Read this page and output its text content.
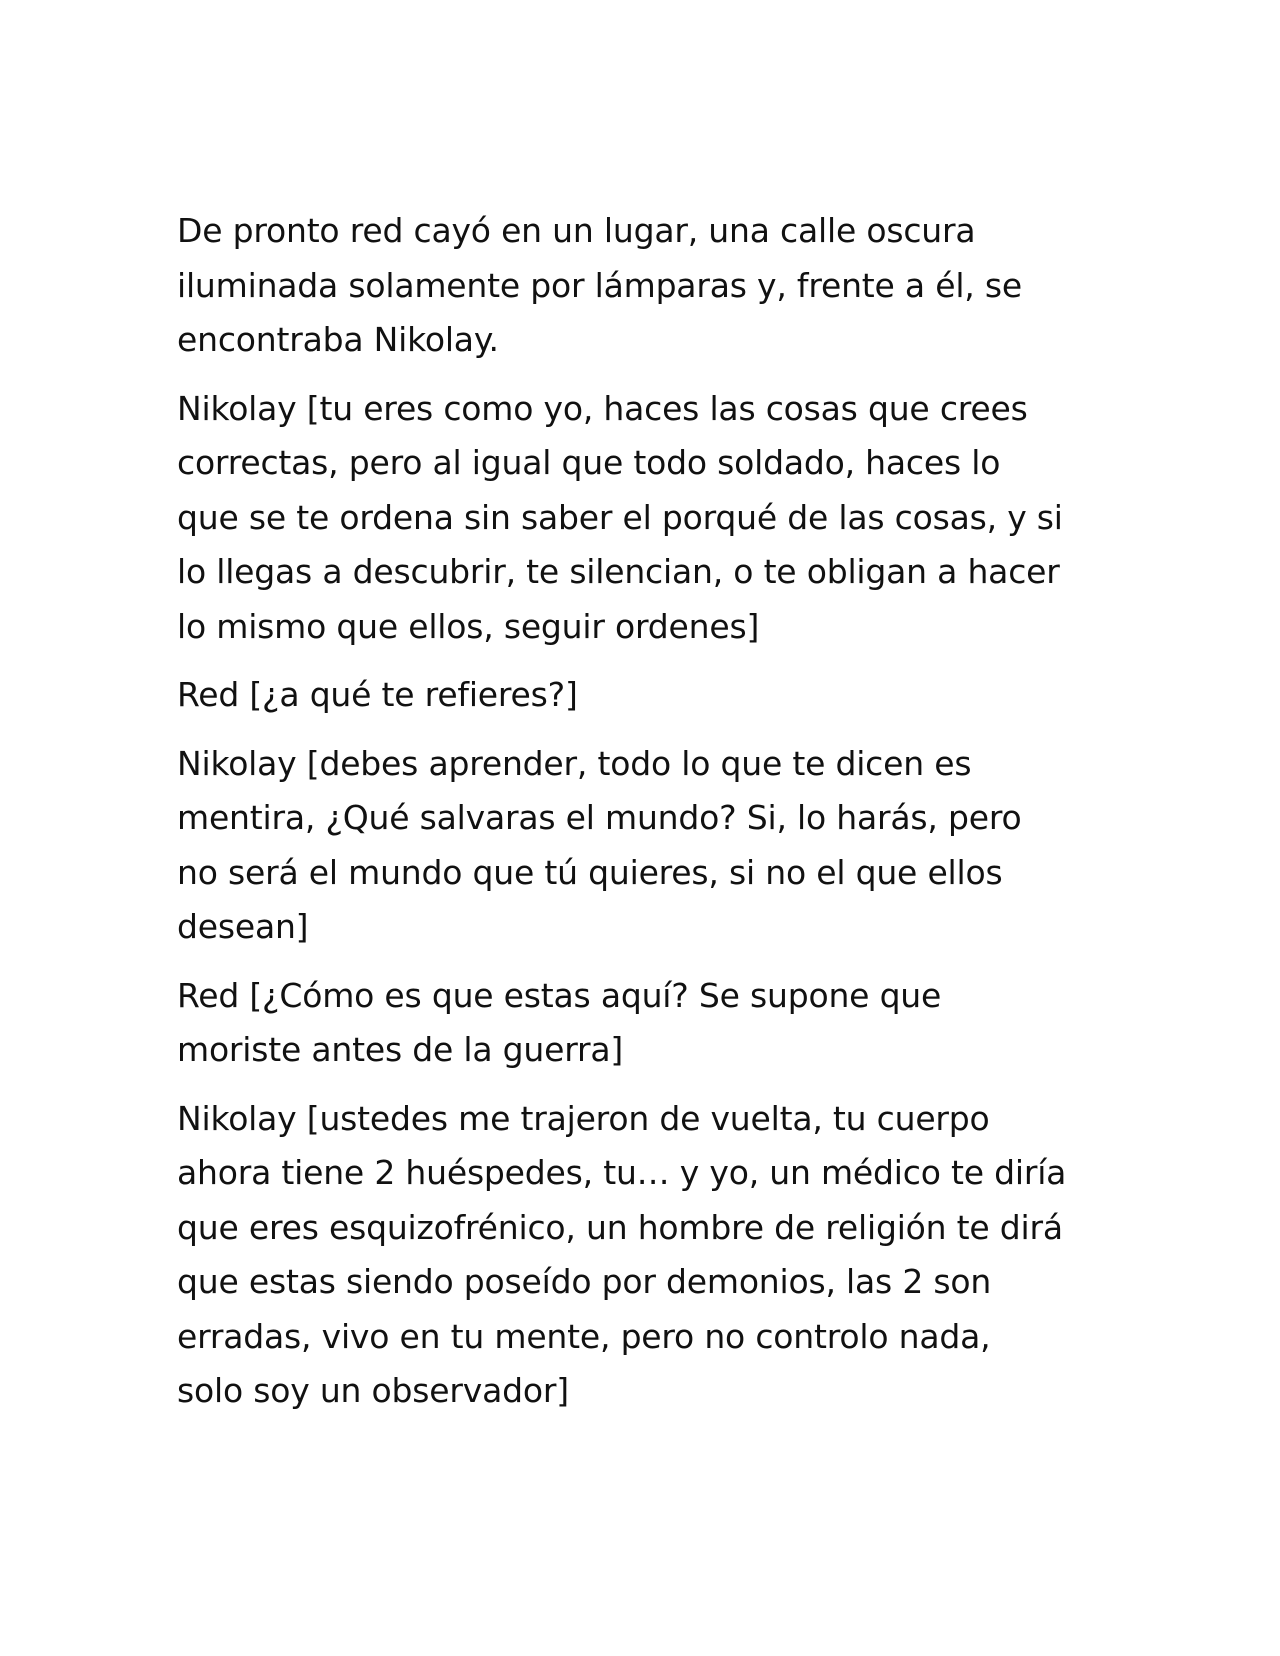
De pronto red cayó en un lugar, una calle oscura
iluminada solamente por lámparas y, frente a él, se
encontraba Nikolay.

Nikolay [tu eres como yo, haces las cosas que crees
correctas, pero al igual que todo soldado, haces lo
que se te ordena sin saber el porqué de las cosas, y si
lo llegas a descubrir, te silencian, o te obligan a hacer
lo mismo que ellos, seguir ordenes]

Red [¿a qué te refieres?]

Nikolay [debes aprender, todo lo que te dicen es
mentira, ¿Qué salvaras el mundo? Si, lo harás, pero
no será el mundo que tú quieres, si no el que ellos
desean]

Red [¿Cómo es que estas aquí? Se supone que
moriste antes de la guerra]

Nikolay [ustedes me trajeron de vuelta, tu cuerpo
ahora tiene 2 huéspedes, tu… y yo, un médico te diría
que eres esquizofrénico, un hombre de religión te dirá
que estas siendo poseído por demonios, las 2 son
erradas, vivo en tu mente, pero no controlo nada,
solo soy un observador]
